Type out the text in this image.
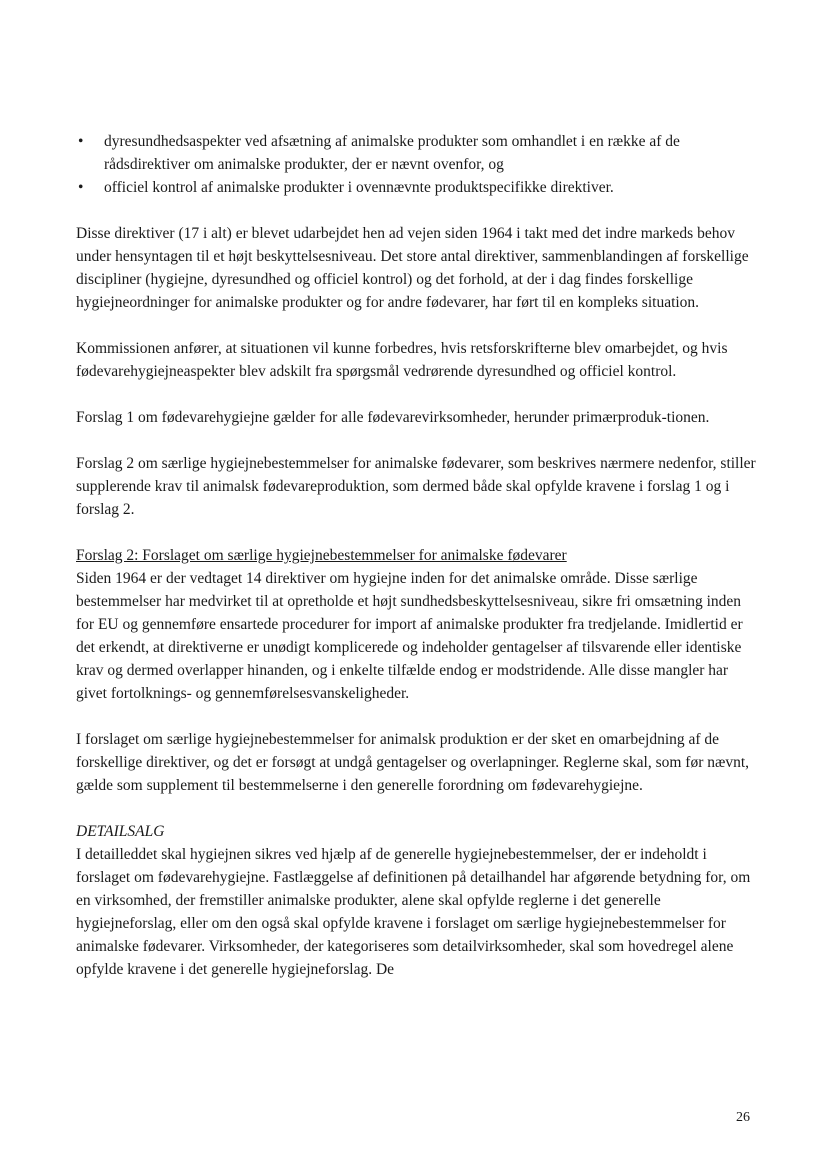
• dyresundhedsaspekter ved afsætning af animalske produkter som omhandlet i en række af de rådsdirektiver om animalske produkter, der er nævnt ovenfor, og
• officiel kontrol af animalske produkter i ovennævnte produktspecifikke direktiver.

Disse direktiver (17 i alt) er blevet udarbejdet hen ad vejen siden 1964 i takt med det indre markeds behov under hensyntagen til et højt beskyttelsesniveau. Det store antal direktiver, sammenblandingen af forskellige discipliner (hygiejne, dyresundhed og officiel kontrol) og det forhold, at der i dag findes forskellige hygiejneordninger for animalske produkter og for andre fødevarer, har ført til en kompleks situation.

Kommissionen anfører, at situationen vil kunne forbedres, hvis retsforskrifterne blev omarbejdet, og hvis fødevarehygiejneaspekter blev adskilt fra spørgsmål vedrørende dyresundhed og officiel kontrol.

Forslag 1 om fødevarehygiejne gælder for alle fødevarevirksomheder, herunder primærproduk-tionen.

Forslag 2 om særlige hygiejnebestemmelser for animalske fødevarer, som beskrives nærmere nedenfor, stiller supplerende krav til animalsk fødevareproduktion, som dermed både skal opfylde kravene i forslag 1 og i forslag 2.

Forslag 2: Forslaget om særlige hygiejnebestemmelser for animalske fødevarer
Siden 1964 er der vedtaget 14 direktiver om hygiejne inden for det animalske område. Disse særlige bestemmelser har medvirket til at opretholde et højt sundhedsbeskyttelsesniveau, sikre fri omsætning inden for EU og gennemføre ensartede procedurer for import af animalske produkter fra tredjelande. Imidlertid er det erkendt, at direktiverne er unødigt komplicerede og indeholder gentagelser af tilsvarende eller identiske krav og dermed overlapper hinanden, og i enkelte tilfælde endog er modstridende. Alle disse mangler har givet fortolknings- og gennemførelsesvanskeligheder.

I forslaget om særlige hygiejnebestemmelser for animalsk produktion er der sket en omarbejdning af de forskellige direktiver, og det er forsøgt at undgå gentagelser og overlapninger. Reglerne skal, som før nævnt, gælde som supplement til bestemmelserne i den generelle forordning om fødevarehygiejne.

DETAILSALG
I detailleddet skal hygiejnen sikres ved hjælp af de generelle hygiejnebestemmelser, der er indeholdt i forslaget om fødevarehygiejne. Fastlæggelse af definitionen på detailhandel har afgørende betydning for, om en virksomhed, der fremstiller animalske produkter, alene skal opfylde reglerne i det generelle hygiejneforslag, eller om den også skal opfylde kravene i forslaget om særlige hygiejnebestemmelser for animalske fødevarer. Virksomheder, der kategoriseres som detailvirksomheder, skal som hovedregel alene opfylde kravene i det generelle hygiejneforslag. De
26
